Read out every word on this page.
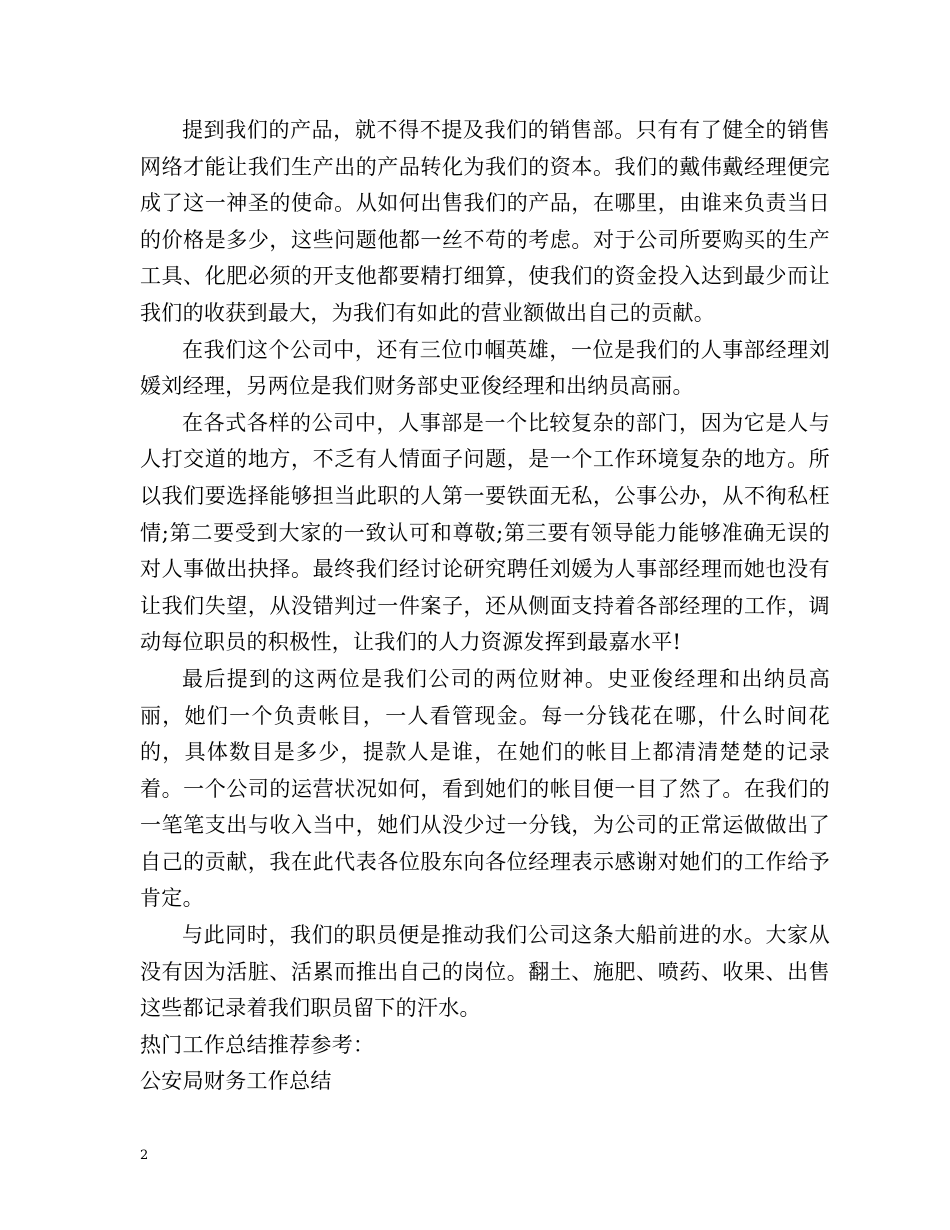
提到我们的产品，就不得不提及我们的销售部。只有有了健全的销售网络才能让我们生产出的产品转化为我们的资本。我们的戴伟戴经理便完成了这一神圣的使命。从如何出售我们的产品，在哪里，由谁来负责当日的价格是多少，这些问题他都一丝不苟的考虑。对于公司所要购买的生产工具、化肥必须的开支他都要精打细算，使我们的资金投入达到最少而让我们的收获到最大，为我们有如此的营业额做出自己的贡献。

在我们这个公司中，还有三位巾帼英雄，一位是我们的人事部经理刘媛刘经理，另两位是我们财务部史亚俊经理和出纳员高丽。

在各式各样的公司中，人事部是一个比较复杂的部门，因为它是人与人打交道的地方，不乏有人情面子问题，是一个工作环境复杂的地方。所以我们要选择能够担当此职的人第一要铁面无私，公事公办，从不徇私枉情;第二要受到大家的一致认可和尊敬;第三要有领导能力能够准确无误的对人事做出抉择。最终我们经讨论研究聘任刘媛为人事部经理而她也没有让我们失望，从没错判过一件案子，还从侧面支持着各部经理的工作，调动每位职员的积极性，让我们的人力资源发挥到最嘉水平!

最后提到的这两位是我们公司的两位财神。史亚俊经理和出纳员高丽，她们一个负责帐目，一人看管现金。每一分钱花在哪，什么时间花的，具体数目是多少，提款人是谁，在她们的帐目上都清清楚楚的记录着。一个公司的运营状况如何，看到她们的帐目便一目了然了。在我们的一笔笔支出与收入当中，她们从没少过一分钱，为公司的正常运做做出了自己的贡献，我在此代表各位股东向各位经理表示感谢对她们的工作给予肯定。

与此同时，我们的职员便是推动我们公司这条大船前进的水。大家从没有因为活脏、活累而推出自己的岗位。翻土、施肥、喷药、收果、出售这些都记录着我们职员留下的汗水。

热门工作总结推荐参考：

公安局财务工作总结

2
